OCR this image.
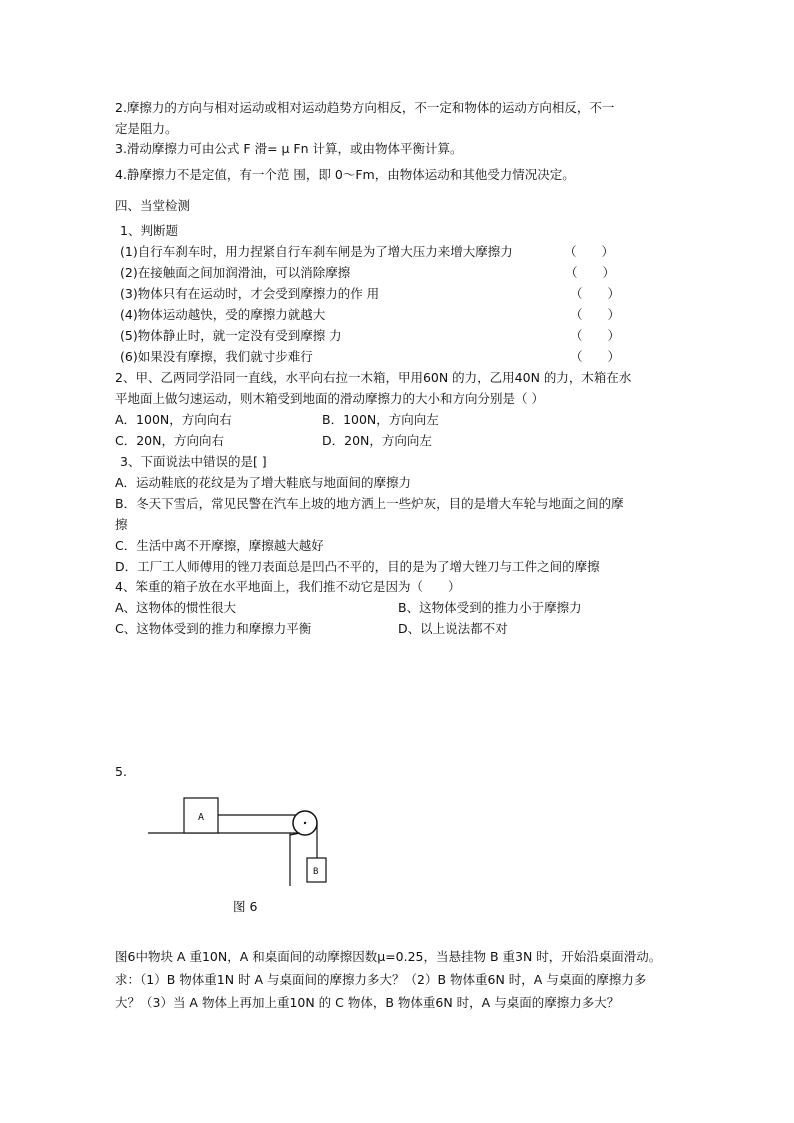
2.摩擦力的方向与相对运动或相对运动趋势方向相反，不一定和物体的运动方向相反，不一
定是阻力。
3.滑动摩擦力可由公式 F 滑= μ Fn 计算，或由物体平衡计算。
4.静摩擦力不是定值，有一个范 围，即 0～Fm，由物体运动和其他受力情况决定。
四、当堂检测
1、判断题
(1)自行车刹车时，用力捏紧自行车刹车闸是为了增大压力来增大摩擦力	（　　）
(2)在接触面之间加润滑油，可以消除摩擦	（　　）
(3)物体只有在运动时，才会受到摩擦力的作 用	（　　）
(4)物体运动越快，受的摩擦力就越大	（　　）
(5)物体静止时，就一定没有受到摩擦 力	（　　）
(6)如果没有摩擦，我们就寸步难行	（　　）
2、甲、乙两同学沿同一直线，水平向右拉一木箱，甲用60N 的力，乙用40N 的力，木箱在水
平地面上做匀速运动，则木箱受到地面的滑动摩擦力的大小和方向分别是（ ）
A．100N，方向向右	B．100N，方向向左
C．20N，方向向右	D．20N，方向向左
3、下面说法中错误的是[ ]
A．运动鞋底的花纹是为了增大鞋底与地面间的摩擦力
B．冬天下雪后，常见民警在汽车上坡的地方洒上一些炉灰，目的是增大车轮与地面之间的摩
擦
C．生活中离不开摩擦，摩擦越大越好
D．工厂工人师傅用的锉刀表面总是凹凸不平的，目的是为了增大锉刀与工件之间的摩擦
4、笨重的箱子放在水平地面上，我们推不动它是因为（　　）
A、这物体的惯性很大	B、这物体受到的推力小于摩擦力
C、这物体受到的推力和摩擦力平衡	D、以上说法都不对
5.
A
B
图 6
图6中物块 A 重10N，A 和桌面间的动摩擦因数μ=0.25，当悬挂物 B 重3N 时，开始沿桌面滑动。
求：（1）B 物体重1N 时 A 与桌面间的摩擦力多大？（2）B 物体重6N 时，A 与桌面的摩擦力多
大？（3）当 A 物体上再加上重10N 的 C 物体，B 物体重6N 时，A 与桌面的摩擦力多大？
